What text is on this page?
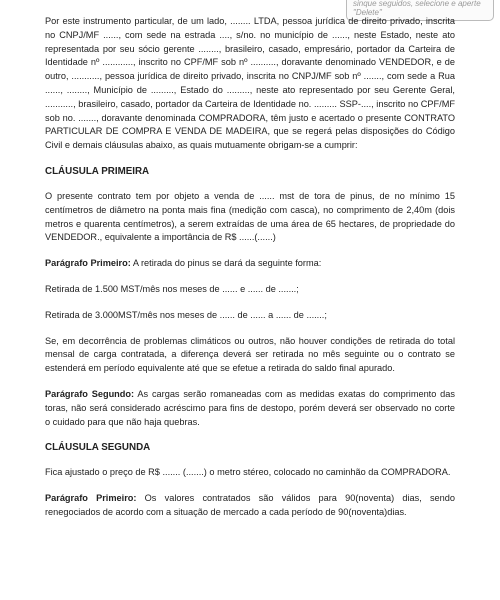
sinque seguidos, selecione e aperte "Delete"

Por este instrumento particular, de um lado, ........ LTDA, pessoa jurídica de direito privado, inscrita no CNPJ/MF ......, com sede na estrada ...., s/no. no município de ......, neste Estado, neste ato representada por seu sócio gerente ........, brasileiro, casado, empresário, portador da Carteira de Identidade nº ............, inscrito no CPF/MF sob nº .........., doravante denominado VENDEDOR, e de outro, ..........., pessoa jurídica de direito privado, inscrita no CNPJ/MF sob nº ......., com sede a Rua ......, ........, Município de ........., Estado do ........., neste ato representado por seu Gerente Geral, ..........., brasileiro, casado, portador da Carteira de Identidade no. ......... SSP-...., inscrito no CPF/MF sob no. ......., doravante denominada COMPRADORA, têm justo e acertado o presente CONTRATO PARTICULAR DE COMPRA E VENDA DE MADEIRA, que se regerá pelas disposições do Código Civil e demais cláusulas abaixo, as quais mutuamente obrigam-se a cumprir:

CLÁUSULA PRIMEIRA

O presente contrato tem por objeto a venda de ...... mst de tora de pinus, de no mínimo 15 centímetros de diâmetro na ponta mais fina (medição com casca), no comprimento de 2,40m (dois metros e quarenta centímetros), a serem extraídas de uma área de 65 hectares, de propriedade do VENDEDOR., equivalente a importância de R$ ......(......)

Parágrafo Primeiro: A retirada do pinus se dará da seguinte forma:

Retirada de 1.500 MST/mês nos meses de ...... e ...... de .......;

Retirada de 3.000MST/mês nos meses de ...... de ...... a ...... de .......;

Se, em decorrência de problemas climáticos ou outros, não houver condições de retirada do total mensal de carga contratada, a diferença deverá ser retirada no mês seguinte ou o contrato se estenderá em período equivalente até que se efetue a retirada do saldo final apurado.

Parágrafo Segundo: As cargas serão romaneadas com as medidas exatas do comprimento das toras, não será considerado acréscimo para fins de destopo, porém deverá ser observado no corte o cuidado para que não haja quebras.

CLÁUSULA SEGUNDA

Fica ajustado o preço de R$ ....... (.......) o metro stéreo, colocado no caminhão da COMPRADORA.

Parágrafo Primeiro: Os valores contratados são válidos para 90(noventa) dias, sendo renegociados de acordo com a situação de mercado a cada período de 90(noventa)dias.
